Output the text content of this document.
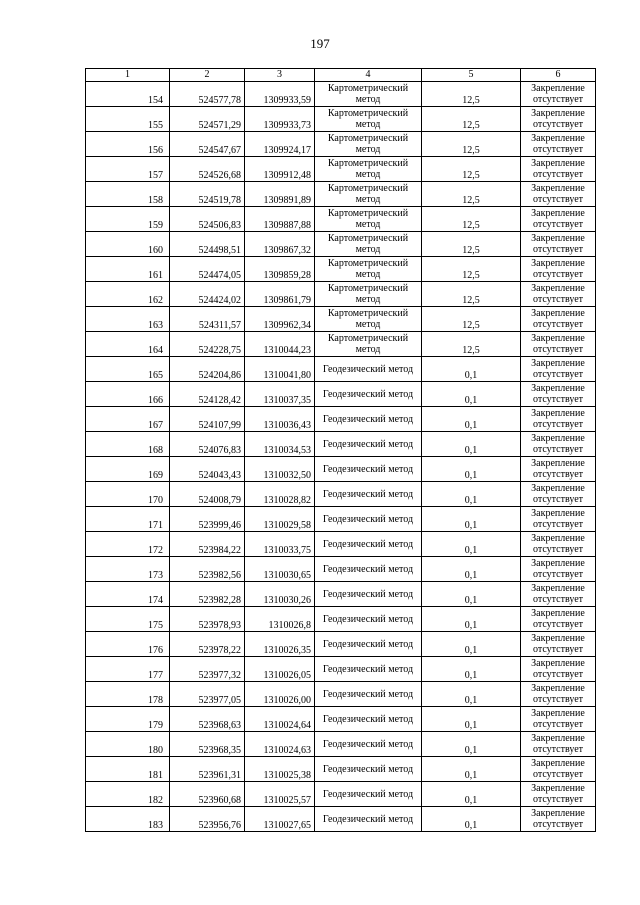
197
1	2	3	4	5	6
154	524577,78	1309933,59	Картометрический метод	12,5	Закрепление отсутствует
155	524571,29	1309933,73	Картометрический метод	12,5	Закрепление отсутствует
156	524547,67	1309924,17	Картометрический метод	12,5	Закрепление отсутствует
157	524526,68	1309912,48	Картометрический метод	12,5	Закрепление отсутствует
158	524519,78	1309891,89	Картометрический метод	12,5	Закрепление отсутствует
159	524506,83	1309887,88	Картометрический метод	12,5	Закрепление отсутствует
160	524498,51	1309867,32	Картометрический метод	12,5	Закрепление отсутствует
161	524474,05	1309859,28	Картометрический метод	12,5	Закрепление отсутствует
162	524424,02	1309861,79	Картометрический метод	12,5	Закрепление отсутствует
163	524311,57	1309962,34	Картометрический метод	12,5	Закрепление отсутствует
164	524228,75	1310044,23	Картометрический метод	12,5	Закрепление отсутствует
165	524204,86	1310041,80	Геодезический метод	0,1	Закрепление отсутствует
166	524128,42	1310037,35	Геодезический метод	0,1	Закрепление отсутствует
167	524107,99	1310036,43	Геодезический метод	0,1	Закрепление отсутствует
168	524076,83	1310034,53	Геодезический метод	0,1	Закрепление отсутствует
169	524043,43	1310032,50	Геодезический метод	0,1	Закрепление отсутствует
170	524008,79	1310028,82	Геодезический метод	0,1	Закрепление отсутствует
171	523999,46	1310029,58	Геодезический метод	0,1	Закрепление отсутствует
172	523984,22	1310033,75	Геодезический метод	0,1	Закрепление отсутствует
173	523982,56	1310030,65	Геодезический метод	0,1	Закрепление отсутствует
174	523982,28	1310030,26	Геодезический метод	0,1	Закрепление отсутствует
175	523978,93	1310026,8	Геодезический метод	0,1	Закрепление отсутствует
176	523978,22	1310026,35	Геодезический метод	0,1	Закрепление отсутствует
177	523977,32	1310026,05	Геодезический метод	0,1	Закрепление отсутствует
178	523977,05	1310026,00	Геодезический метод	0,1	Закрепление отсутствует
179	523968,63	1310024,64	Геодезический метод	0,1	Закрепление отсутствует
180	523968,35	1310024,63	Геодезический метод	0,1	Закрепление отсутствует
181	523961,31	1310025,38	Геодезический метод	0,1	Закрепление отсутствует
182	523960,68	1310025,57	Геодезический метод	0,1	Закрепление отсутствует
183	523956,76	1310027,65	Геодезический метод	0,1	Закрепление отсутствует
